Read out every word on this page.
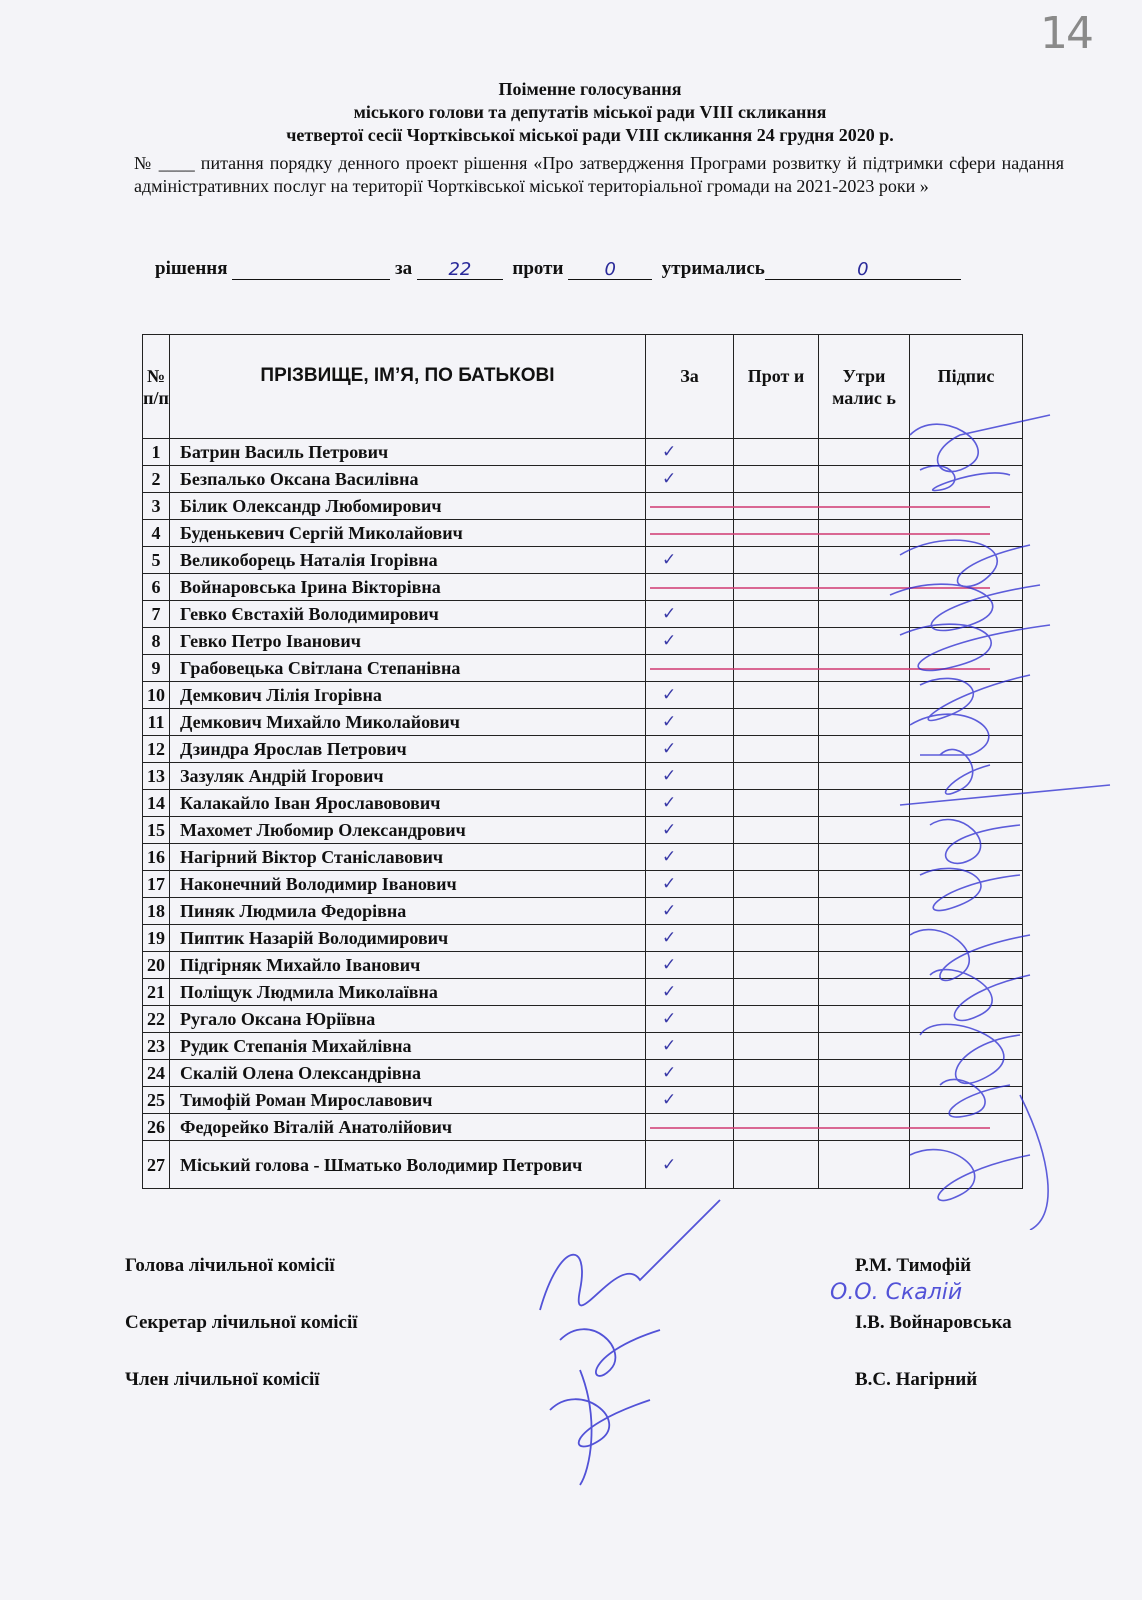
14
Поіменне голосування
міського голови та депутатів міської ради VIII скликання
четвертої сесії Чортківської міської ради VIII скликання 24 грудня 2020 р.
№ ____ питання порядку денного проект рішення «Про затвердження Програми розвитку й підтримки сфери надання адміністративних послуг на території Чортківської міської територіальної громади на 2021-2023 роки »
рішення	за 22 проти 0 утримались	0
№ п/п	ПРІЗВИЩЕ, ІМ’Я, ПО БАТЬКОВІ	За	Прот и	Утри малис ь	Підпис
1	Батрин Василь Петрович	✓			
2	Безпалько Оксана Василівна	✓			
3	Білик Олександр Любомирович				
4	Буденькевич Сергій Миколайович				
5	Великоборець Наталія Ігорівна	✓			
6	Войнаровська Ірина Вікторівна				
7	Гевко Євстахій Володимирович	✓			
8	Гевко Петро Іванович	✓			
9	Грабовецька Світлана Степанівна				
10	Демкович Лілія Ігорівна	✓			
11	Демкович Михайло Миколайович	✓			
12	Дзиндра Ярослав Петрович	✓			
13	Зазуляк Андрій Ігорович	✓			
14	Калакайло Іван Ярославовович	✓			
15	Махомет Любомир Олександрович	✓			
16	Нагірний Віктор Станіславович	✓			
17	Наконечний Володимир Іванович	✓			
18	Пиняк Людмила Федорівна	✓			
19	Пиптик Назарій Володимирович	✓			
20	Підгірняк Михайло Іванович	✓			
21	Поліщук Людмила Миколаївна	✓			
22	Ругало Оксана Юріївна	✓			
23	Рудик Степанія Михайлівна	✓			
24	Скалій Олена Олександрівна	✓			
25	Тимофій Роман Мирославович	✓			
26	Федорейко Віталій Анатолійович				
27	Міський голова - Шматько Володимир Петрович	✓			
Голова лічильної комісії	Р.М. Тимофій
Секретар лічильної комісії	І.В. Войнаровська
Член лічильної комісії	В.С. Нагірний
О.О. Скалій
